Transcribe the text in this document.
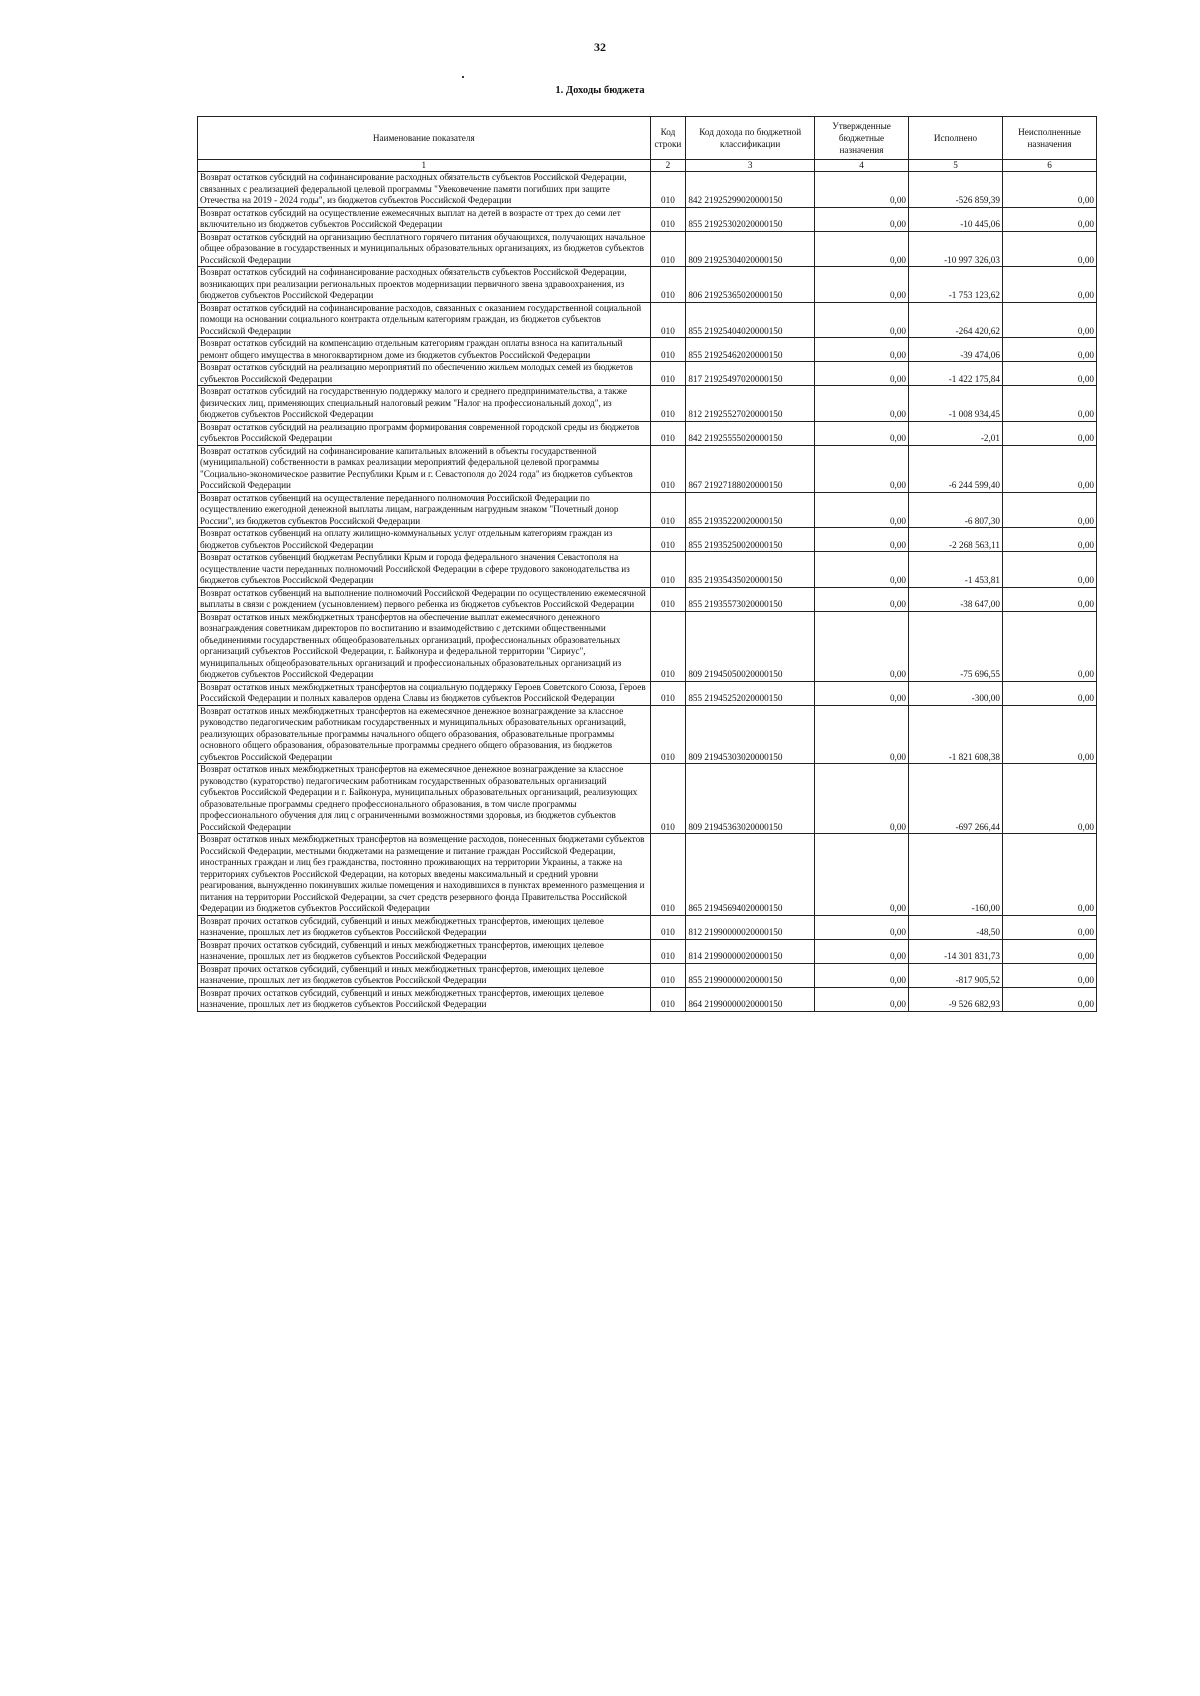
32
1. Доходы бюджета
Наименование показателя	Код строки	Код дохода по бюджетной классификации	Утвержденные бюджетные назначения	Исполнено	Неисполненные назначения
1	2	3	4	5	6
Возврат остатков субсидий на софинансирование расходных обязательств субъектов Российской Федерации, связанных с реализацией федеральной целевой программы "Увековечение памяти погибших при защите Отечества на 2019 - 2024 годы", из бюджетов субъектов Российской Федерации	010	842 21925299020000150	0,00	-526 859,39	0,00
Возврат остатков субсидий на осуществление ежемесячных выплат на детей в возрасте от трех до семи лет включительно из бюджетов субъектов Российской Федерации	010	855 21925302020000150	0,00	-10 445,06	0,00
Возврат остатков субсидий на организацию бесплатного горячего питания обучающихся, получающих начальное общее образование в государственных и муниципальных образовательных организациях, из бюджетов субъектов Российской Федерации	010	809 21925304020000150	0,00	-10 997 326,03	0,00
Возврат остатков субсидий на софинансирование расходных обязательств субъектов Российской Федерации, возникающих при реализации региональных проектов модернизации первичного звена здравоохранения, из бюджетов субъектов Российской Федерации	010	806 21925365020000150	0,00	-1 753 123,62	0,00
Возврат остатков субсидий на софинансирование расходов, связанных с оказанием государственной социальной помощи на основании социального контракта отдельным категориям граждан, из бюджетов субъектов Российской Федерации	010	855 21925404020000150	0,00	-264 420,62	0,00
Возврат остатков субсидий на компенсацию отдельным категориям граждан оплаты взноса на капитальный ремонт общего имущества в многоквартирном доме из бюджетов субъектов Российской Федерации	010	855 21925462020000150	0,00	-39 474,06	0,00
Возврат остатков субсидий на реализацию мероприятий по обеспечению жильем молодых семей из бюджетов субъектов Российской Федерации	010	817 21925497020000150	0,00	-1 422 175,84	0,00
Возврат остатков субсидий на государственную поддержку малого и среднего предпринимательства, а также физических лиц, применяющих специальный налоговый режим "Налог на профессиональный доход", из бюджетов субъектов Российской Федерации	010	812 21925527020000150	0,00	-1 008 934,45	0,00
Возврат остатков субсидий на реализацию программ формирования современной городской среды из бюджетов субъектов Российской Федерации	010	842 21925555020000150	0,00	-2,01	0,00
Возврат остатков субсидий на софинансирование капитальных вложений в объекты государственной (муниципальной) собственности в рамках реализации мероприятий федеральной целевой программы "Социально-экономическое развитие Республики Крым и г. Севастополя до 2024 года" из бюджетов субъектов Российской Федерации	010	867 21927188020000150	0,00	-6 244 599,40	0,00
Возврат остатков субвенций на осуществление переданного полномочия Российской Федерации по осуществлению ежегодной денежной выплаты лицам, награжденным нагрудным знаком "Почетный донор России", из бюджетов субъектов Российской Федерации	010	855 21935220020000150	0,00	-6 807,30	0,00
Возврат остатков субвенций на оплату жилищно-коммунальных услуг отдельным категориям граждан из бюджетов субъектов Российской Федерации	010	855 21935250020000150	0,00	-2 268 563,11	0,00
Возврат остатков субвенций бюджетам Республики Крым и города федерального значения Севастополя на осуществление части переданных полномочий Российской Федерации в сфере трудового законодательства из бюджетов субъектов Российской Федерации	010	835 21935435020000150	0,00	-1 453,81	0,00
Возврат остатков субвенций на выполнение полномочий Российской Федерации по осуществлению ежемесячной выплаты в связи с рождением (усыновлением) первого ребенка из бюджетов субъектов Российской Федерации	010	855 21935573020000150	0,00	-38 647,00	0,00
Возврат остатков иных межбюджетных трансфертов на обеспечение выплат ежемесячного денежного вознаграждения советникам директоров по воспитанию и взаимодействию с детскими общественными объединениями государственных общеобразовательных организаций, профессиональных образовательных организаций субъектов Российской Федерации, г. Байконура и федеральной территории "Сириус", муниципальных общеобразовательных организаций и профессиональных образовательных организаций из бюджетов субъектов Российской Федерации	010	809 21945050020000150	0,00	-75 696,55	0,00
Возврат остатков иных межбюджетных трансфертов на социальную поддержку Героев Советского Союза, Героев Российской Федерации и полных кавалеров ордена Славы из бюджетов субъектов Российской Федерации	010	855 21945252020000150	0,00	-300,00	0,00
Возврат остатков иных межбюджетных трансфертов на ежемесячное денежное вознаграждение за классное руководство педагогическим работникам государственных и муниципальных образовательных организаций, реализующих образовательные программы начального общего образования, образовательные программы основного общего образования, образовательные программы среднего общего образования, из бюджетов субъектов Российской Федерации	010	809 21945303020000150	0,00	-1 821 608,38	0,00
Возврат остатков иных межбюджетных трансфертов на ежемесячное денежное вознаграждение за классное руководство (кураторство) педагогическим работникам государственных образовательных организаций субъектов Российской Федерации и г. Байконура, муниципальных образовательных организаций, реализующих образовательные программы среднего профессионального образования, в том числе программы профессионального обучения для лиц с ограниченными возможностями здоровья, из бюджетов субъектов Российской Федерации	010	809 21945363020000150	0,00	-697 266,44	0,00
Возврат остатков иных межбюджетных трансфертов на возмещение расходов, понесенных бюджетами субъектов Российской Федерации, местными бюджетами на размещение и питание граждан Российской Федерации, иностранных граждан и лиц без гражданства, постоянно проживающих на территории Украины, а также на территориях субъектов Российской Федерации, на которых введены максимальный и средний уровни реагирования, вынужденно покинувших жилые помещения и находившихся в пунктах временного размещения и питания на территории Российской Федерации, за счет средств резервного фонда Правительства Российской Федерации из бюджетов субъектов Российской Федерации	010	865 21945694020000150	0,00	-160,00	0,00
Возврат прочих остатков субсидий, субвенций и иных межбюджетных трансфертов, имеющих целевое назначение, прошлых лет из бюджетов субъектов Российской Федерации	010	812 21990000020000150	0,00	-48,50	0,00
Возврат прочих остатков субсидий, субвенций и иных межбюджетных трансфертов, имеющих целевое назначение, прошлых лет из бюджетов субъектов Российской Федерации	010	814 21990000020000150	0,00	-14 301 831,73	0,00
Возврат прочих остатков субсидий, субвенций и иных межбюджетных трансфертов, имеющих целевое назначение, прошлых лет из бюджетов субъектов Российской Федерации	010	855 21990000020000150	0,00	-817 905,52	0,00
Возврат прочих остатков субсидий, субвенций и иных межбюджетных трансфертов, имеющих целевое назначение, прошлых лет из бюджетов субъектов Российской Федерации	010	864 21990000020000150	0,00	-9 526 682,93	0,00
